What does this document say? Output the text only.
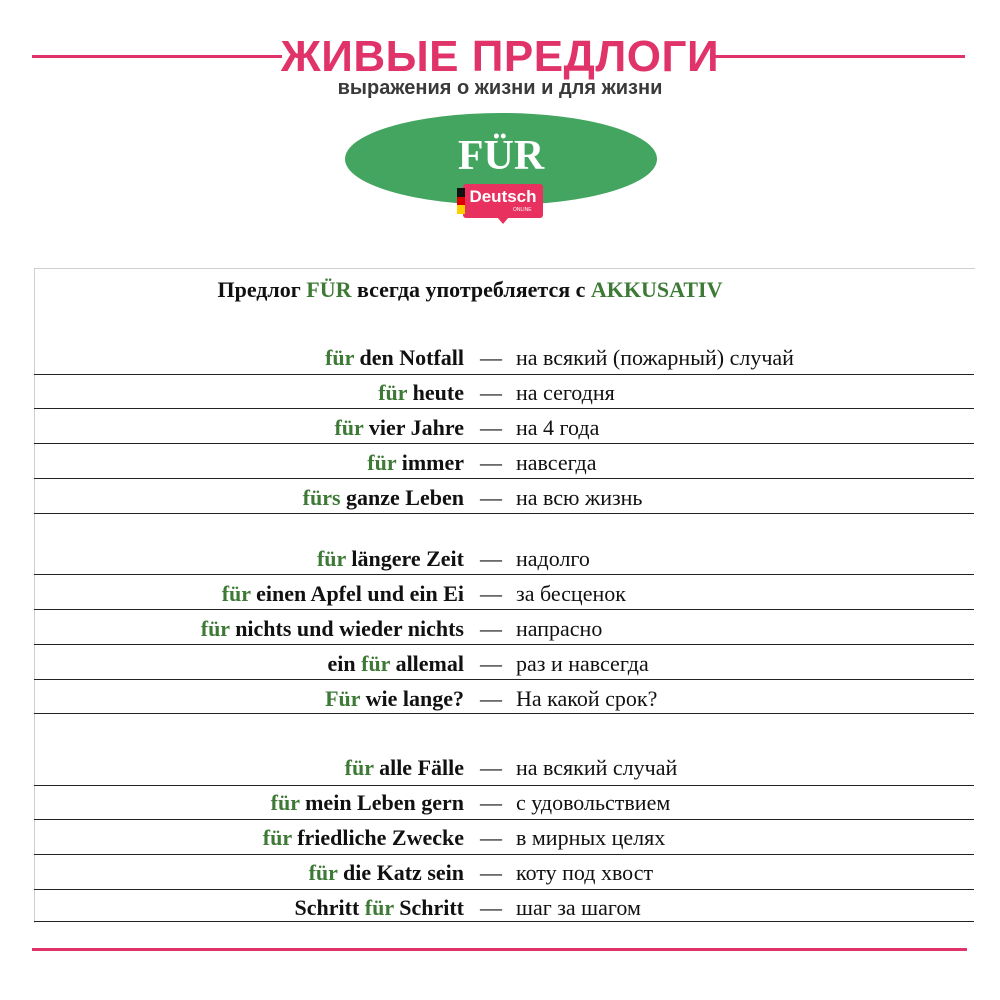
ЖИВЫЕ ПРЕДЛОГИ
выражения о жизни и для жизни
FÜR
Deutsch
ONLINE
Предлог FÜR всегда употребляется с AKKUSATIV
für den Notfall — на всякий (пожарный) случай
für heute — на сегодня
für vier Jahre — на 4 года
für immer — навсегда
fürs ganze Leben — на всю жизнь
für längere Zeit — надолго
für einen Apfel und ein Ei — за бесценок
für nichts und wieder nichts — напрасно
ein für allemal — раз и навсегда
Für wie lange? — На какой срок?
für alle Fälle — на всякий случай
für mein Leben gern — с удовольствием
für friedliche Zwecke — в мирных целях
für die Katz sein — коту под хвост
Schritt für Schritt — шаг за шагом
